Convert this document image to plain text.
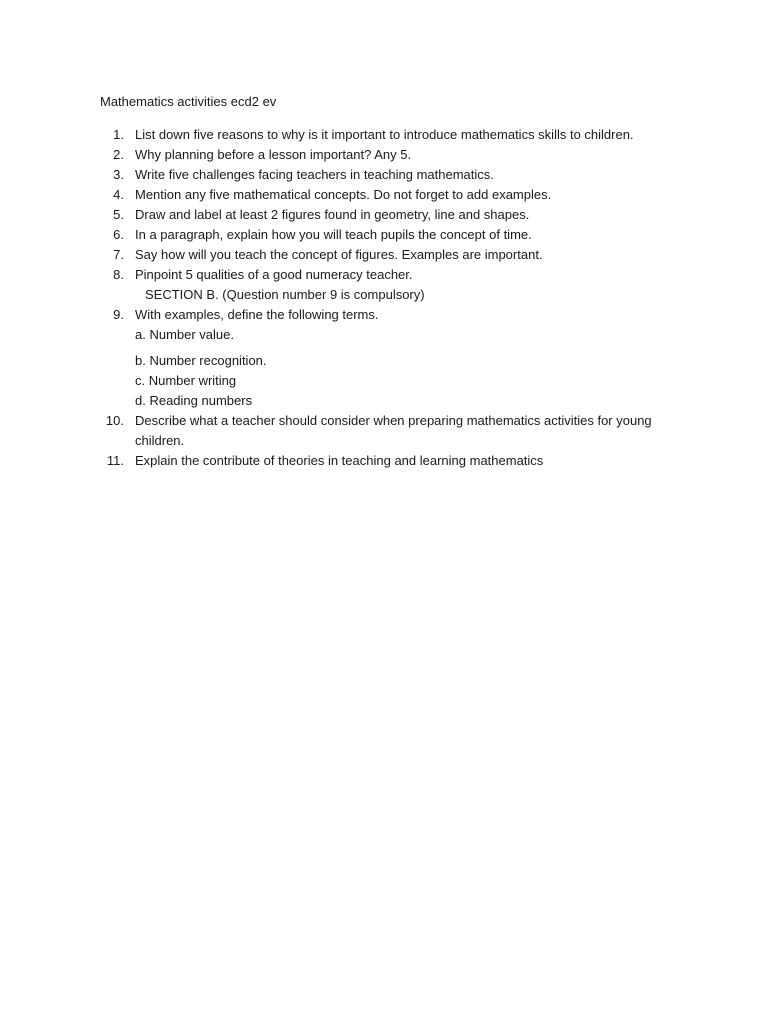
Mathematics activities ecd2 ev
1. List down five reasons to why is it important to introduce mathematics skills to children.
2. Why planning before a lesson important? Any 5.
3. Write five challenges facing teachers in teaching mathematics.
4. Mention any five mathematical concepts. Do not forget to add examples.
5. Draw and label at least 2 figures found in geometry, line and shapes.
6. In a paragraph, explain how you will teach pupils the concept of time.
7. Say how will you teach the concept of figures. Examples are important.
8. Pinpoint 5 qualities of a good numeracy teacher.
SECTION B. (Question number 9 is compulsory)
9. With examples, define the following terms.
a. Number value.
b. Number recognition.
c. Number writing
d. Reading numbers
10. Describe what a teacher should consider when preparing mathematics activities for young
children.
11. Explain the contribute of theories in teaching and learning mathematics
